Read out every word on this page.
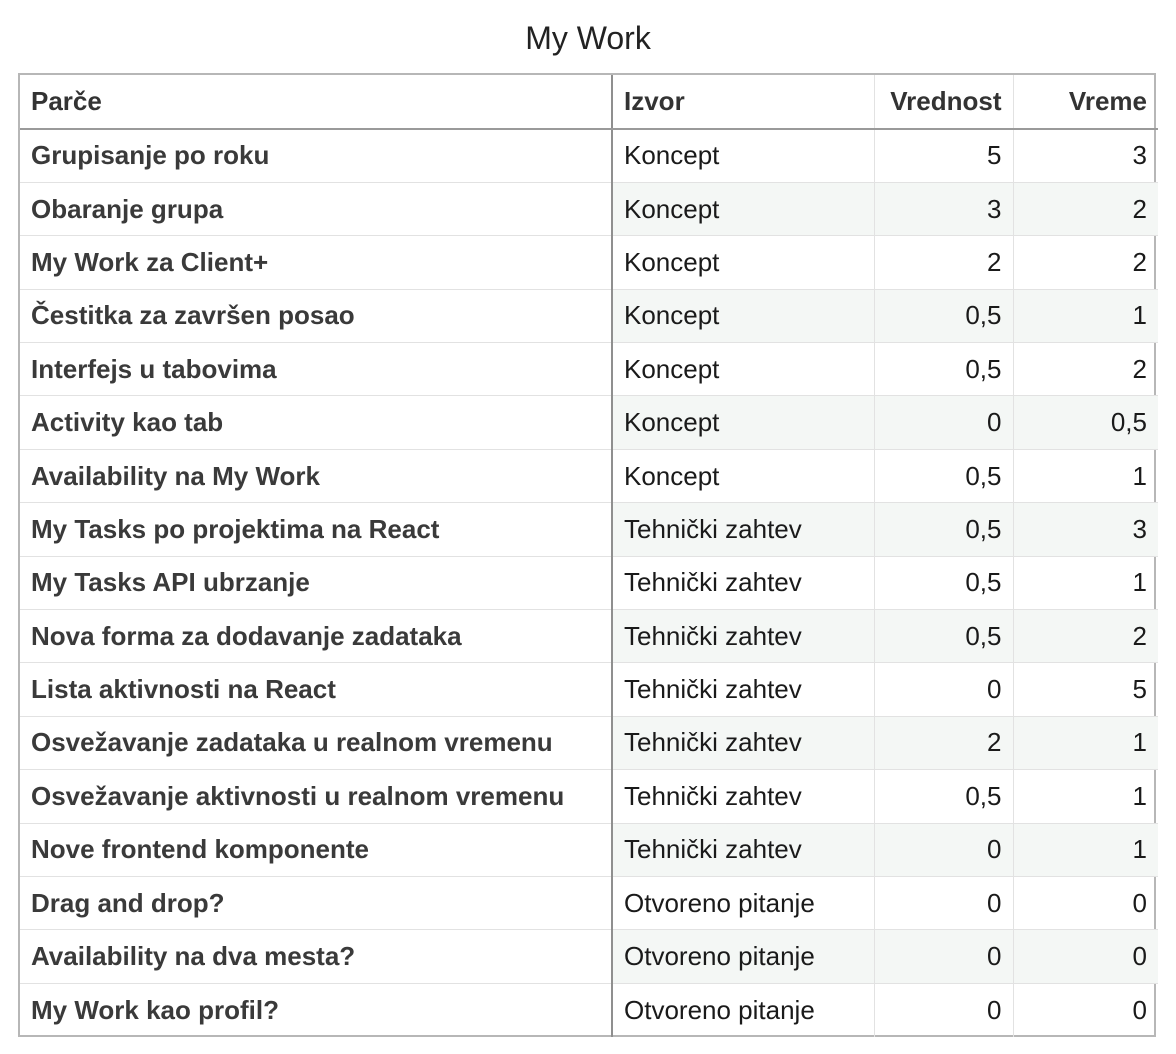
My Work
Parče	Izvor	Vrednost	Vreme
Grupisanje po roku	Koncept	5	3
Obaranje grupa	Koncept	3	2
My Work za Client+	Koncept	2	2
Čestitka za završen posao	Koncept	0,5	1
Interfejs u tabovima	Koncept	0,5	2
Activity kao tab	Koncept	0	0,5
Availability na My Work	Koncept	0,5	1
My Tasks po projektima na React	Tehnički zahtev	0,5	3
My Tasks API ubrzanje	Tehnički zahtev	0,5	1
Nova forma za dodavanje zadataka	Tehnički zahtev	0,5	2
Lista aktivnosti na React	Tehnički zahtev	0	5
Osvežavanje zadataka u realnom vremenu	Tehnički zahtev	2	1
Osvežavanje aktivnosti u realnom vremenu	Tehnički zahtev	0,5	1
Nove frontend komponente	Tehnički zahtev	0	1
Drag and drop?	Otvoreno pitanje	0	0
Availability na dva mesta?	Otvoreno pitanje	0	0
My Work kao profil?	Otvoreno pitanje	0	0
